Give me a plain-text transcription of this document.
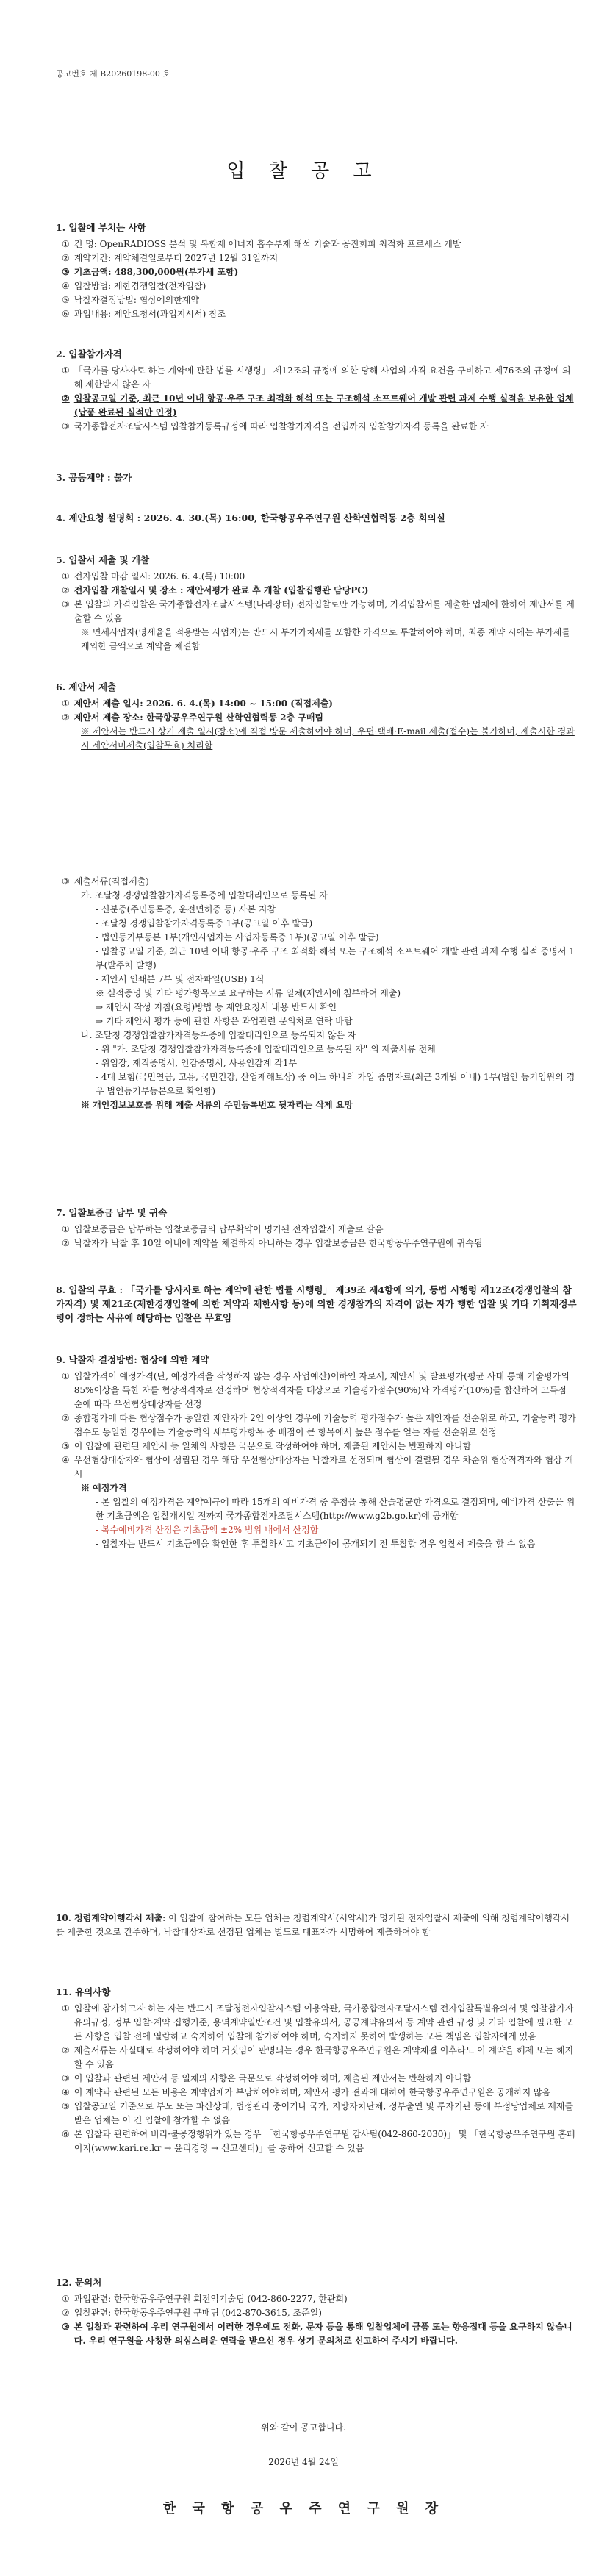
공고번호 제 B20260198-00 호
입 찰 공 고
1. 입찰에 부치는 사항
① 건 명: OpenRADIOSS 분석 및 복합재 에너지 흡수부재 해석 기술과 공진회피 최적화 프로세스 개발
② 계약기간: 계약체결일로부터 2027년 12월 31일까지
③ 기초금액: 488,300,000원(부가세 포함)
④ 입찰방법: 제한경쟁입찰(전자입찰)
⑤ 낙찰자결정방법: 협상에의한계약
⑥ 과업내용: 제안요청서(과업지시서) 참조
2. 입찰참가자격
① 「국가를 당사자로 하는 계약에 관한 법률 시행령」 제12조의 규정에 의한 당해 사업의 자격 요건을 구비하고 제76조의 규정에 의해 제한받지 않은 자
② 입찰공고일 기준, 최근 10년 이내 항공·우주 구조 최적화 해석 또는 구조해석 소프트웨어 개발 관련 과제 수행 실적을 보유한 업체(납품 완료된 실적만 인정)
③ 국가종합전자조달시스템 입찰참가등록규정에 따라 입찰참가자격을 전입까지 입찰참가자격 등록을 완료한 자
3. 공동계약 : 불가
4. 제안요청 설명회 : 2026. 4. 30.(목) 16:00, 한국항공우주연구원 산학연협력동 2층 회의실
5. 입찰서 제출 및 개찰
① 전자입찰 마감 일시: 2026. 6. 4.(목) 10:00
② 전자입찰 개찰일시 및 장소 : 제안서평가 완료 후 개찰 (입찰집행관 담당PC)
③ 본 입찰의 가격입찰은 국가종합전자조달시스템(나라장터) 전자입찰로만 가능하며, 가격입찰서를 제출한 업체에 한하여 제안서를 제출할 수 있음
※ 면세사업자(영세율을 적용받는 사업자)는 반드시 부가가치세를 포함한 가격으로 투찰하여야 하며, 최종 계약 시에는 부가세를 제외한 금액으로 계약을 체결함
6. 제안서 제출
① 제안서 제출 일시: 2026. 6. 4.(목) 14:00 ~ 15:00 (직접제출)
② 제안서 제출 장소: 한국항공우주연구원 산학연협력동 2층 구매팀
※ 제안서는 반드시 상기 제출 일시(장소)에 직접 방문 제출하여야 하며, 우편·택배·E-mail 제출(접수)는 불가하며, 제출시한 경과 시 제안서미제출(입찰무효) 처리함
③ 제출서류(직접제출)
가. 조달청 경쟁입찰참가자격등록증에 입찰대리인으로 등록된 자
- 신분증(주민등록증, 운전면허증 등) 사본 지참
- 조달청 경쟁입찰참가자격등록증 1부(공고일 이후 발급)
- 법인등기부등본 1부(개인사업자는 사업자등록증 1부)(공고일 이후 발급)
- 입찰공고일 기준, 최근 10년 이내 항공·우주 구조 최적화 해석 또는 구조해석 소프트웨어 개발 관련 과제 수행 실적 증명서 1부(발주처 발행)
- 제안서 인쇄본 7부 및 전자파일(USB) 1식
※ 실적증명 및 기타 평가항목으로 요구하는 서류 일체(제안서에 첨부하여 제출)
⇒ 제안서 작성 지침(요령)방법 등 제안요청서 내용 반드시 확인
⇒ 기타 제안서 평가 등에 관한 사항은 과업관련 문의처로 연락 바람
나. 조달청 경쟁입찰참가자격등록증에 입찰대리인으로 등록되지 않은 자
- 위 "가. 조달청 경쟁입찰참가자격등록증에 입찰대리인으로 등록된 자" 의 제출서류 전체
- 위임장, 재직증명서, 인감증명서, 사용인감계 각1부
- 4대 보험(국민연금, 고용, 국민건강, 산업재해보상) 중 어느 하나의 가입 증명자료(최근 3개월 이내) 1부(법인 등기임원의 경우 법인등기부등본으로 확인함)
※ 개인정보보호를 위해 제출 서류의 주민등록번호 뒷자리는 삭제 요망
7. 입찰보증금 납부 및 귀속
① 입찰보증금은 납부하는 입찰보증금의 납부확약이 명기된 전자입찰서 제출로 갈음
② 낙찰자가 낙찰 후 10일 이내에 계약을 체결하지 아니하는 경우 입찰보증금은 한국항공우주연구원에 귀속됨
8. 입찰의 무효 : 「국가를 당사자로 하는 계약에 관한 법률 시행령」 제39조 제4항에 의거, 동법 시행령 제12조(경쟁입찰의 참가자격) 및 제21조(제한경쟁입찰에 의한 계약과 제한사항 등)에 의한 경쟁참가의 자격이 없는 자가 행한 입찰 및 기타 기획재정부령이 정하는 사유에 해당하는 입찰은 무효임
9. 낙찰자 결정방법: 협상에 의한 계약
① 입찰가격이 예정가격(단, 예정가격을 작성하지 않는 경우 사업예산)이하인 자로서, 제안서 및 발표평가(평균 사대 통해 기술평가의 85%이상을 득한 자를 협상적격자로 선정하며 협상적격자를 대상으로 기술평가점수(90%)와 가격평가(10%)를 합산하여 고득점 순에 따라 우선협상대상자를 선정
② 종합평가에 따른 협상점수가 동일한 제안자가 2인 이상인 경우에 기술능력 평가점수가 높은 제안자를 선순위로 하고, 기술능력 평가점수도 동일한 경우에는 기술능력의 세부평가항목 중 배점이 큰 항목에서 높은 점수를 얻는 자를 선순위로 선정
③ 이 입찰에 관련된 제안서 등 일체의 사항은 국문으로 작성하여야 하며, 제출된 제안서는 반환하지 아니함
④ 우선협상대상자와 협상이 성립된 경우 해당 우선협상대상자는 낙찰자로 선정되며 협상이 결렬될 경우 차순위 협상적격자와 협상 개시
※ 예정가격
- 본 입찰의 예정가격은 계약예규에 따라 15개의 예비가격 중 추첨을 통해 산술평균한 가격으로 결정되며, 예비가격 산출을 위한 기초금액은 입찰개시일 전까지 국가종합전자조달시스템(http://www.g2b.go.kr)에 공개함
- 복수예비가격 산정은 기초금액 ±2% 범위 내에서 산정함
- 입찰자는 반드시 기초금액을 확인한 후 투찰하시고 기초금액이 공개되기 전 투찰할 경우 입찰서 제출을 할 수 없음
10. 청렴계약이행각서 제출: 이 입찰에 참여하는 모든 업체는 청렴계약서(서약서)가 명기된 전자입찰서 제출에 의해 청렴계약이행각서를 제출한 것으로 간주하며, 낙찰대상자로 선정된 업체는 별도로 대표자가 서명하여 제출하여야 함
11. 유의사항
① 입찰에 참가하고자 하는 자는 반드시 조달청전자입찰시스템 이용약관, 국가종합전자조달시스템 전자입찰특별유의서 및 입찰참가자유의규정, 정부 입찰·계약 집행기준, 용역계약일반조건 및 입찰유의서, 공공계약유의서 등 계약 관련 규정 및 기타 입찰에 필요한 모든 사항을 입찰 전에 열람하고 숙지하여 입찰에 참가하여야 하며, 숙지하지 못하여 발생하는 모든 책임은 입찰자에게 있음
② 제출서류는 사실대로 작성하여야 하며 거짓임이 판명되는 경우 한국항공우주연구원은 계약체결 이후라도 이 계약을 해제 또는 해지할 수 있음
③ 이 입찰과 관련된 제안서 등 일체의 사항은 국문으로 작성하여야 하며, 제출된 제안서는 반환하지 아니함
④ 이 계약과 관련된 모든 비용은 계약업체가 부담하여야 하며, 제안서 평가 결과에 대하여 한국항공우주연구원은 공개하지 않음
⑤ 입찰공고일 기준으로 부도 또는 파산상태, 법정관리 중이거나 국가, 지방자치단체, 정부출연 및 투자기관 등에 부정당업체로 제재를 받은 업체는 이 건 입찰에 참가할 수 없음
⑥ 본 입찰과 관련하여 비리·불공정행위가 있는 경우 「한국항공우주연구원 감사팀(042-860-2030)」 및 「한국항공우주연구원 홈페이지(www.kari.re.kr → 윤리경영 → 신고센터)」를 통하여 신고할 수 있음
12. 문의처
① 과업관련: 한국항공우주연구원 회전익기술팀 (042-860-2277, 한관희)
② 입찰관련: 한국항공우주연구원 구매팀 (042-870-3615, 조준일)
③ 본 입찰과 관련하여 우리 연구원에서 이러한 경우에도 전화, 문자 등을 통해 입찰업체에 금품 또는 향응접대 등을 요구하지 않습니다. 우리 연구원을 사칭한 의심스러운 연락을 받으신 경우 상기 문의처로 신고하여 주시기 바랍니다.
위와 같이 공고합니다.
2026년 4월 24일
한 국 항 공 우 주 연 구 원 장
